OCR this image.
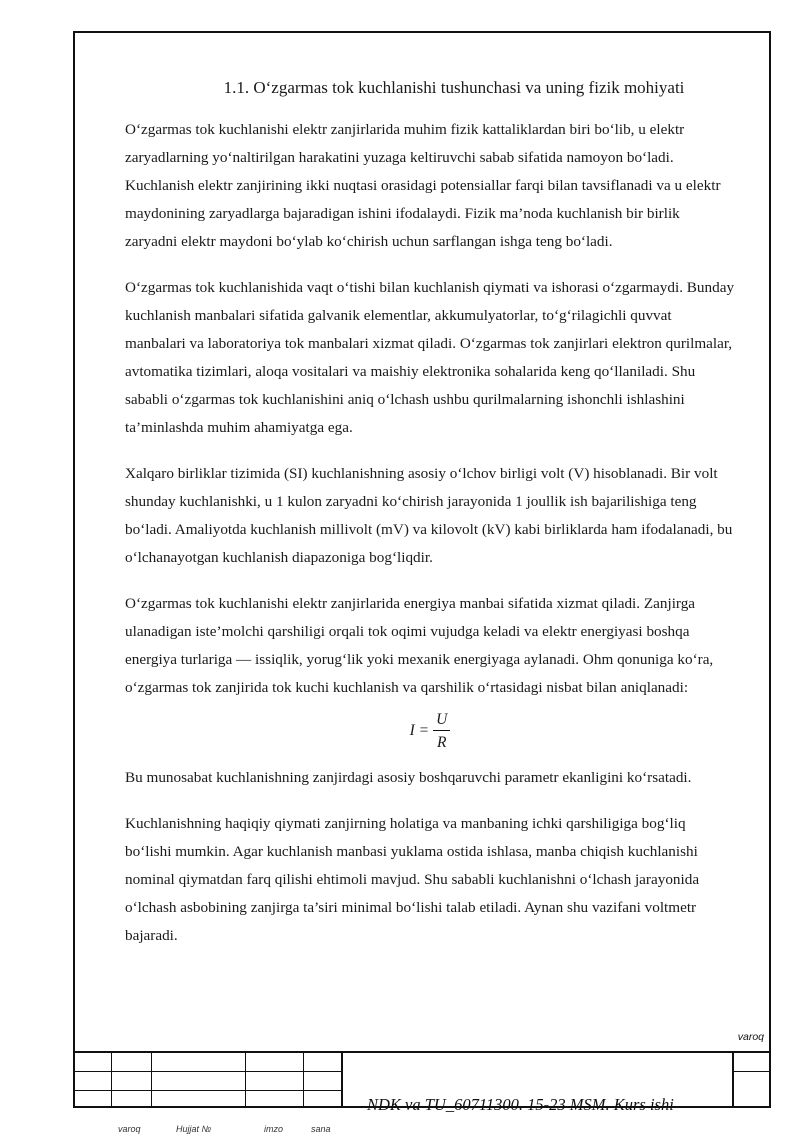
1.1. O‘zgarmas tok kuchlanishi tushunchasi va uning fizik mohiyati

O‘zgarmas tok kuchlanishi elektr zanjirlarida muhim fizik kattaliklardan biri bo‘lib, u elektr zaryadlarning yo‘naltirilgan harakatini yuzaga keltiruvchi sabab sifatida namoyon bo‘ladi. Kuchlanish elektr zanjirining ikki nuqtasi orasidagi potensiallar farqi bilan tavsiflanadi va u elektr maydonining zaryadlarga bajaradigan ishini ifodalaydi. Fizik ma’noda kuchlanish bir birlik zaryadni elektr maydoni bo‘ylab ko‘chirish uchun sarflangan ishga teng bo‘ladi.

O‘zgarmas tok kuchlanishida vaqt o‘tishi bilan kuchlanish qiymati va ishorasi o‘zgarmaydi. Bunday kuchlanish manbalari sifatida galvanik elementlar, akkumulyatorlar, to‘g‘rilagichli quvvat manbalari va laboratoriya tok manbalari xizmat qiladi. O‘zgarmas tok zanjirlari elektron qurilmalar, avtomatika tizimlari, aloqa vositalari va maishiy elektronika sohalarida keng qo‘llaniladi. Shu sababli o‘zgarmas tok kuchlanishini aniq o‘lchash ushbu qurilmalarning ishonchli ishlashini ta’minlashda muhim ahamiyatga ega.

Xalqaro birliklar tizimida (SI) kuchlanishning asosiy o‘lchov birligi volt (V) hisoblanadi. Bir volt shunday kuchlanishki, u 1 kulon zaryadni ko‘chirish jarayonida 1 joullik ish bajarilishiga teng bo‘ladi. Amaliyotda kuchlanish millivolt (mV) va kilovolt (kV) kabi birliklarda ham ifodalanadi, bu o‘lchanayotgan kuchlanish diapazoniga bog‘liqdir.

O‘zgarmas tok kuchlanishi elektr zanjirlarida energiya manbai sifatida xizmat qiladi. Zanjirga ulanadigan iste’molchi qarshiligi orqali tok oqimi vujudga keladi va elektr energiyasi boshqa energiya turlariga — issiqlik, yorug‘lik yoki mexanik energiyaga aylanadi. Ohm qonuniga ko‘ra, o‘zgarmas tok zanjirida tok kuchi kuchlanish va qarshilik o‘rtasidagi nisbat bilan aniqlanadi:

$I = \frac{U}{R}$

Bu munosabat kuchlanishning zanjirdagi asosiy boshqaruvchi parametr ekanligini ko‘rsatadi.

Kuchlanishning haqiqiy qiymati zanjirning holatiga va manbaning ichki qarshiligiga bog‘liq bo‘lishi mumkin. Agar kuchlanish manbasi yuklama ostida ishlasa, manba chiqish kuchlanishi nominal qiymatdan farq qilishi ehtimoli mavjud. Shu sababli kuchlanishni o‘lchash jarayonida o‘lchash asbobining zanjirga ta’siri minimal bo‘lishi talab etiladi. Aynan shu vazifani voltmetr bajaradi.

varoq
NDK va TU_60711300. 15-23 MSM. Kurs ishi
varoq	Hujjat №	imzo	sana
